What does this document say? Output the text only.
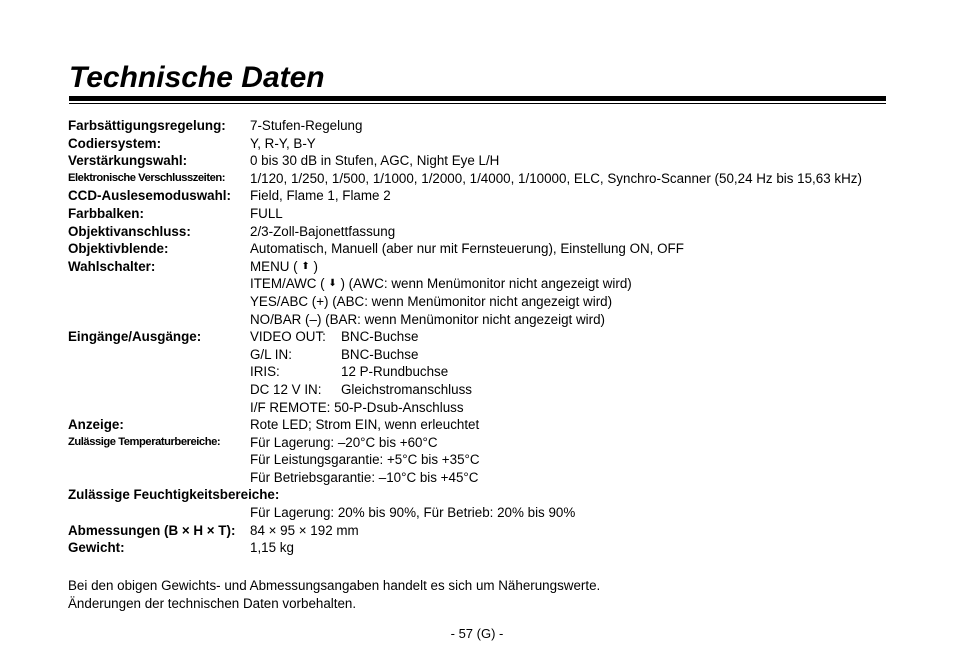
Technische Daten
Farbsättigungsregelung:	7-Stufen-Regelung
Codiersystem:	Y, R-Y, B-Y
Verstärkungswahl:	0 bis 30 dB in Stufen, AGC, Night Eye L/H
Elektronische Verschlusszeiten:	1/120, 1/250, 1/500, 1/1000, 1/2000, 1/4000, 1/10000, ELC, Synchro-Scanner (50,24 Hz bis 15,63 kHz)
CCD-Auslesemoduswahl:	Field, Flame 1, Flame 2
Farbbalken:	FULL
Objektivanschluss:	2/3-Zoll-Bajonettfassung
Objektivblende:	Automatisch, Manuell (aber nur mit Fernsteuerung), Einstellung ON, OFF
Wahlschalter:	MENU (
⬆
)
ITEM/AWC (
⬇
) (AWC: wenn Menümonitor nicht angezeigt wird)
YES/ABC (+) (ABC: wenn Menümonitor nicht angezeigt wird)
NO/BAR (–) (BAR: wenn Menümonitor nicht angezeigt wird)
Eingänge/Ausgänge:	VIDEO OUT:	BNC-Buchse
G/L IN:	BNC-Buchse
IRIS:	12 P-Rundbuchse
DC 12 V IN:	Gleichstromanschluss
I/F REMOTE: 50-P-Dsub-Anschluss
Anzeige:	Rote LED; Strom EIN, wenn erleuchtet
Zulässige Temperaturbereiche:	Für Lagerung: –20°C bis +60°C
Für Leistungsgarantie: +5°C bis +35°C
Für Betriebsgarantie: –10°C bis +45°C
Zulässige Feuchtigkeitsbereiche:
Für Lagerung: 20% bis 90%, Für Betrieb: 20% bis 90%
Abmessungen (B × H × T):	84 × 95 × 192 mm
Gewicht:	1,15 kg
Bei den obigen Gewichts- und Abmessungsangaben handelt es sich um Näherungswerte.
Änderungen der technischen Daten vorbehalten.
- 57 (G) -
